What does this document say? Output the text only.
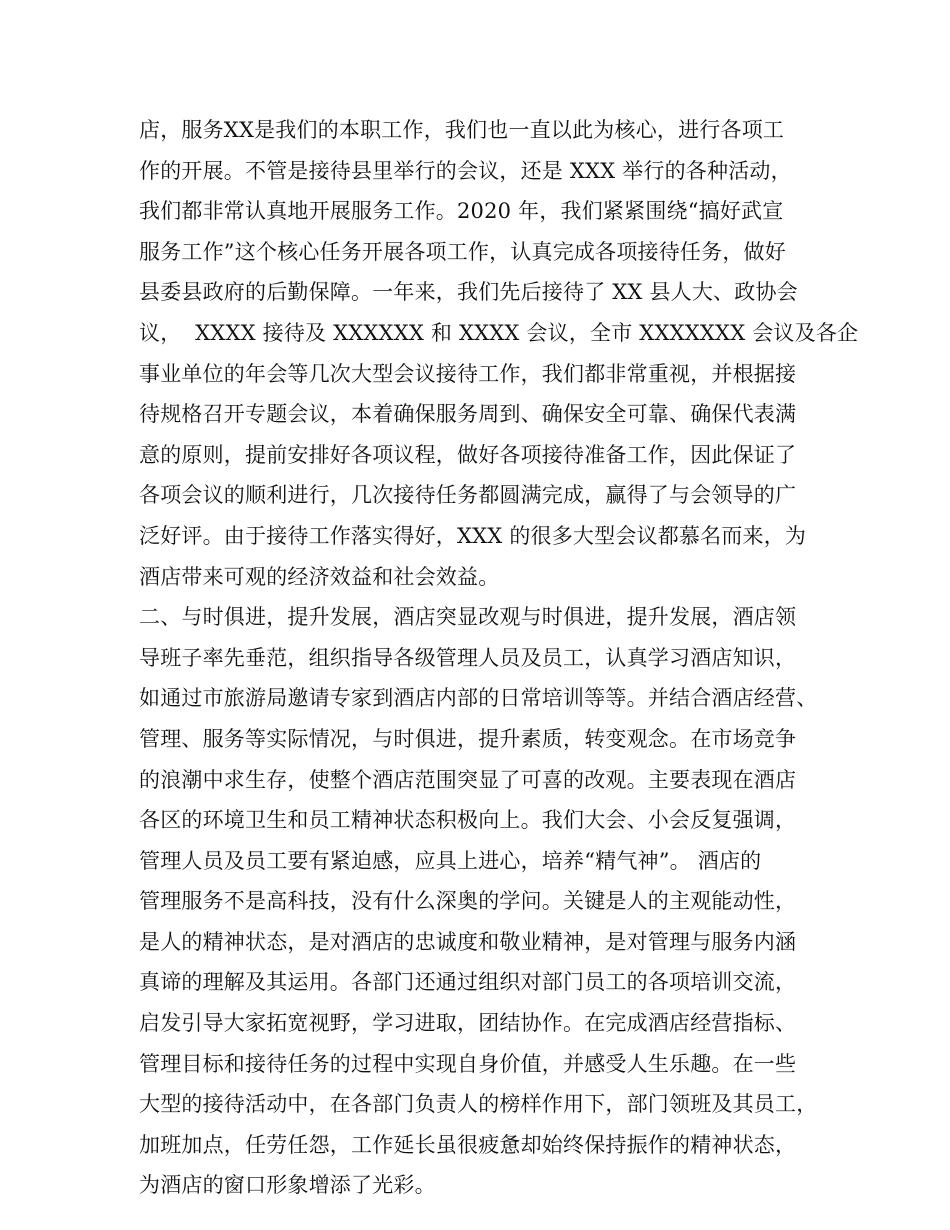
店，服务XX是我们的本职工作，我们也一直以此为核心，进行各项工
作的开展。不管是接待县里举行的会议，还是 XXX 举行的各种活动，
我们都非常认真地开展服务工作。2020 年，我们紧紧围绕“搞好武宣
服务工作”这个核心任务开展各项工作，认真完成各项接待任务，做好
县委县政府的后勤保障。一年来，我们先后接待了 XX 县人大、政协会
议，  XXXX 接待及 XXXXXX 和 XXXX 会议，全市 XXXXXXX 会议及各企
事业单位的年会等几次大型会议接待工作，我们都非常重视，并根据接
待规格召开专题会议，本着确保服务周到、确保安全可靠、确保代表满
意的原则，提前安排好各项议程，做好各项接待准备工作，因此保证了
各项会议的顺利进行，几次接待任务都圆满完成，赢得了与会领导的广
泛好评。由于接待工作落实得好，XXX 的很多大型会议都慕名而来，为
酒店带来可观的经济效益和社会效益。
二、与时俱进，提升发展，酒店突显改观与时俱进，提升发展，酒店领
导班子率先垂范，组织指导各级管理人员及员工，认真学习酒店知识，
如通过市旅游局邀请专家到酒店内部的日常培训等等。并结合酒店经营、
管理、服务等实际情况，与时俱进，提升素质，转变观念。在市场竞争
的浪潮中求生存，使整个酒店范围突显了可喜的改观。主要表现在酒店
各区的环境卫生和员工精神状态积极向上。我们大会、小会反复强调，
管理人员及员工要有紧迫感，应具上进心，培养“精气神”。 酒店的
管理服务不是高科技，没有什么深奥的学问。关键是人的主观能动性，
是人的精神状态，是对酒店的忠诚度和敬业精神，是对管理与服务内涵
真谛的理解及其运用。各部门还通过组织对部门员工的各项培训交流，
启发引导大家拓宽视野，学习进取，团结协作。在完成酒店经营指标、
管理目标和接待任务的过程中实现自身价值，并感受人生乐趣。在一些
大型的接待活动中，在各部门负责人的榜样作用下，部门领班及其员工，
加班加点，任劳任怨，工作延长虽很疲惫却始终保持振作的精神状态，
为酒店的窗口形象增添了光彩。
